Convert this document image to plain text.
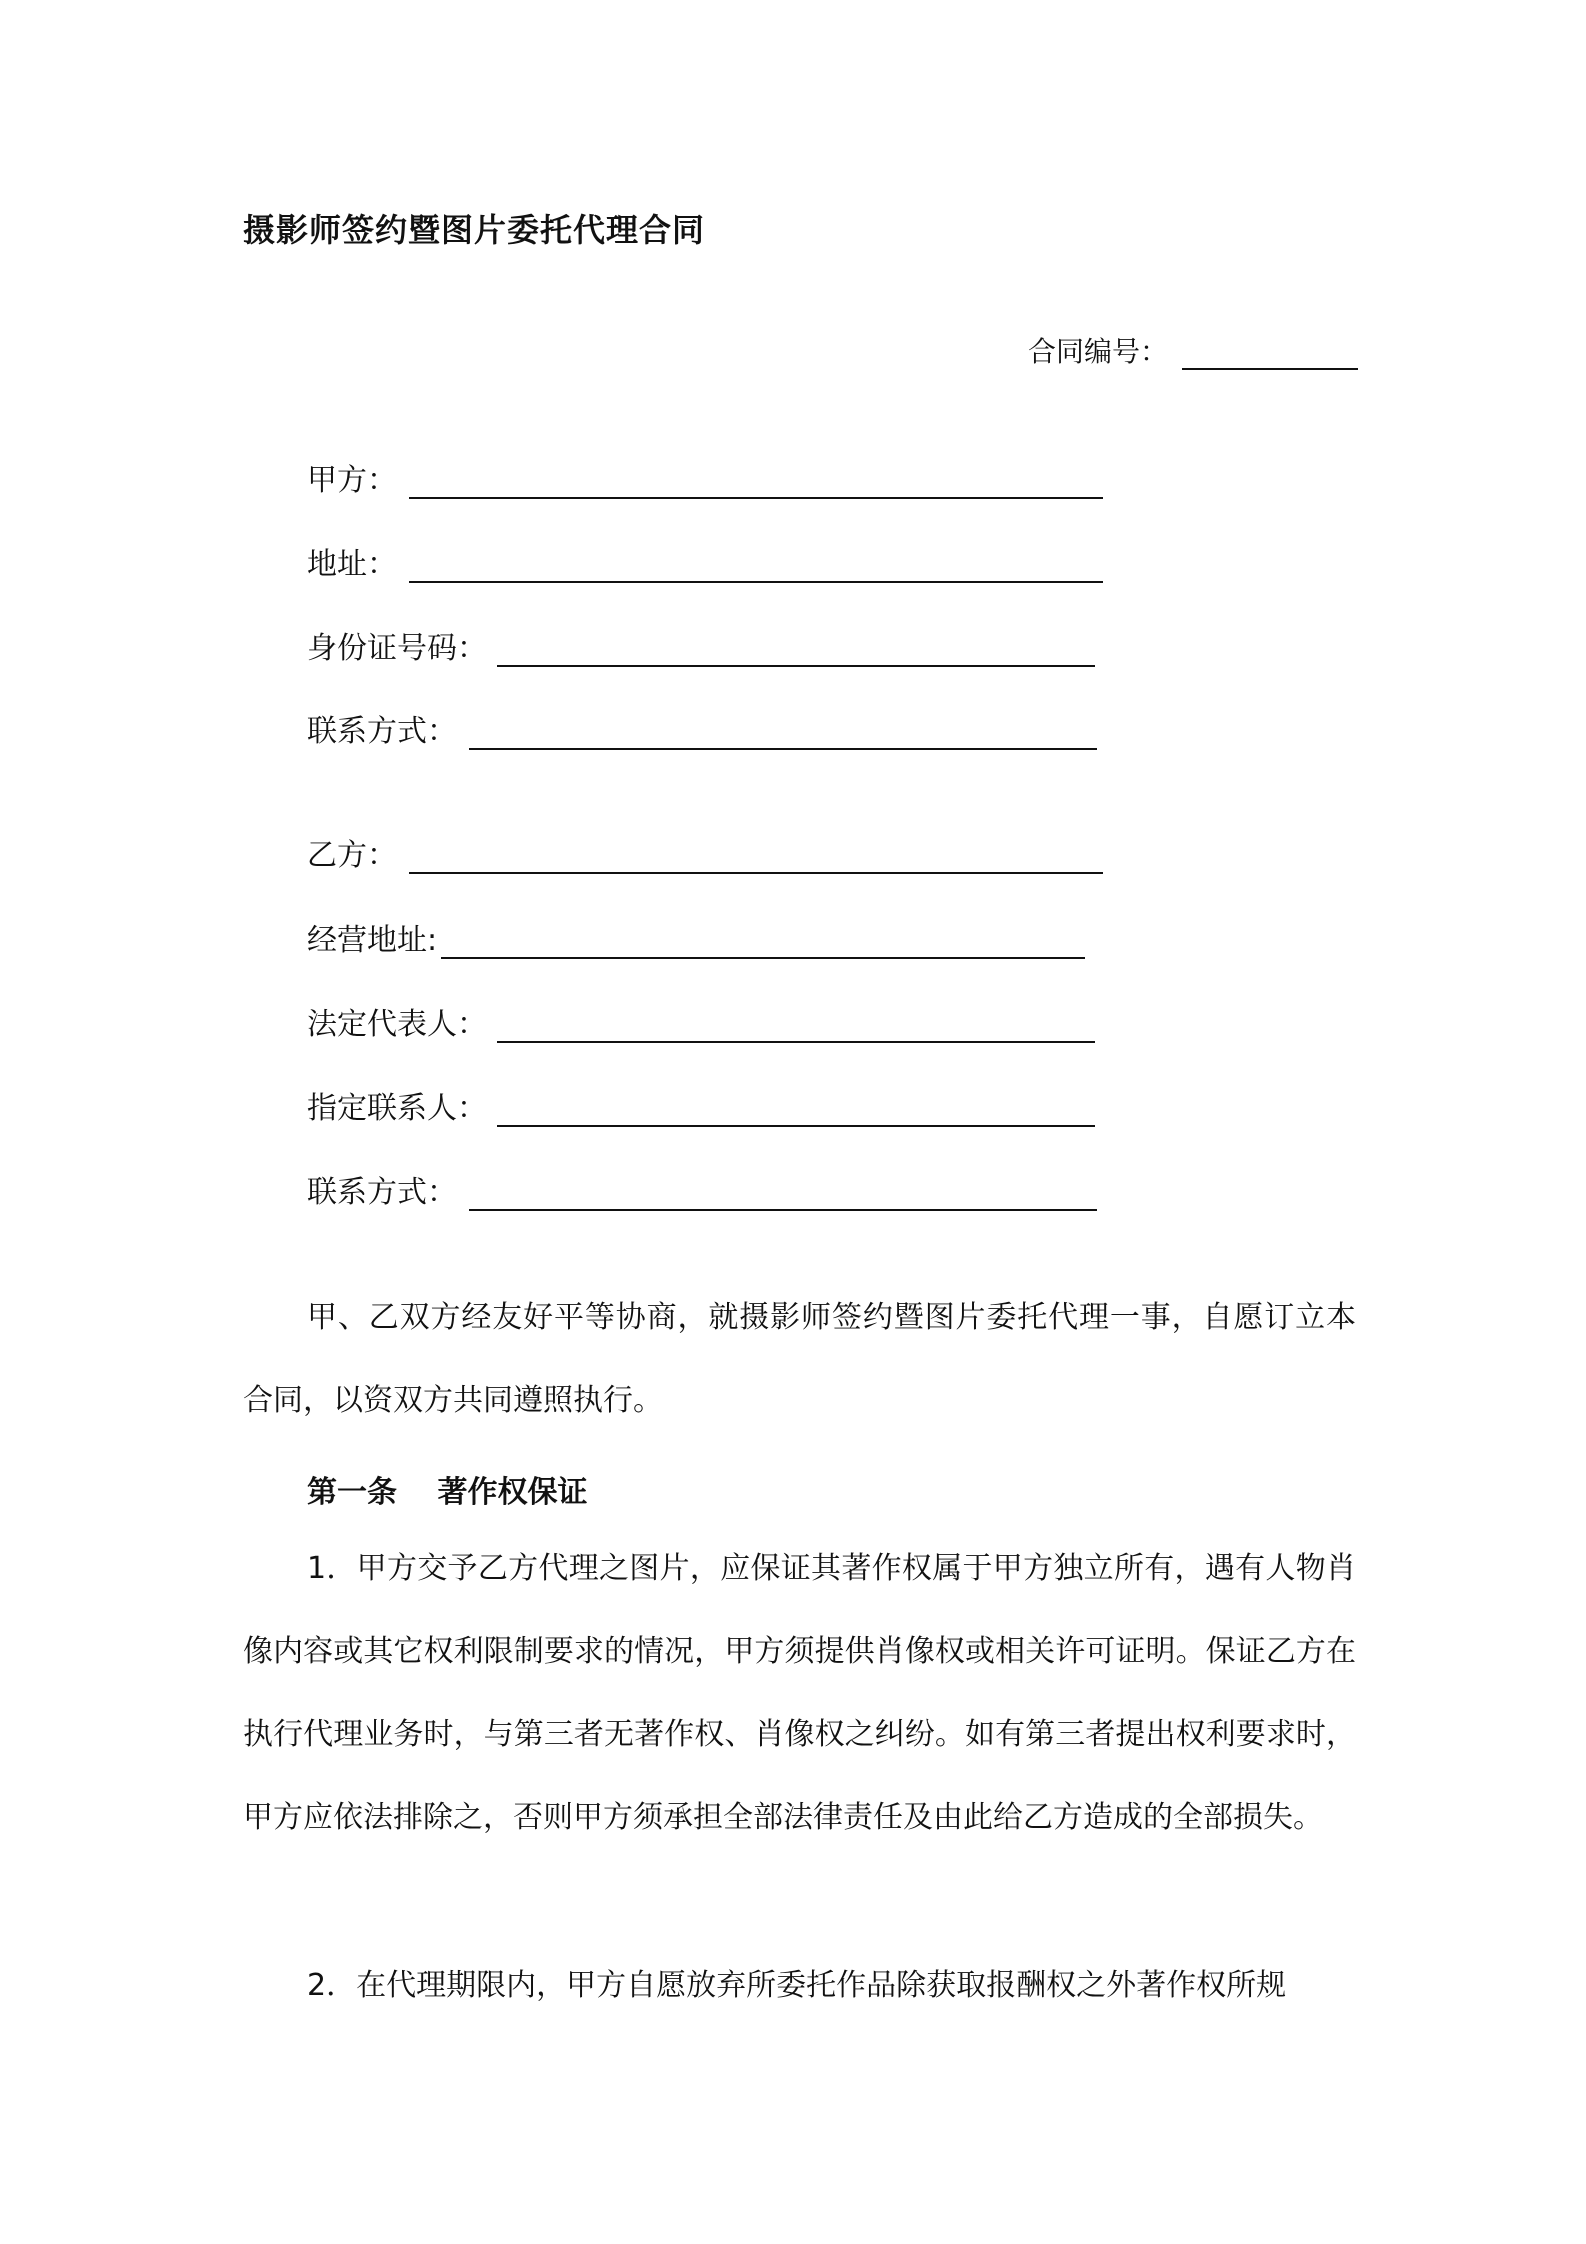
摄影师签约暨图片委托代理合同
合同编号：
甲方：
地址：
身份证号码：
联系方式：
乙方：
经营地址:
法定代表人：
指定联系人：
联系方式：
甲、乙双方经友好平等协商，就摄影师签约暨图片委托代理一事，自愿订立本合同，以资双方共同遵照执行。
第一条　 著作权保证
1．甲方交予乙方代理之图片，应保证其著作权属于甲方独立所有，遇有人物肖像内容或其它权利限制要求的情况，甲方须提供肖像权或相关许可证明。保证乙方在执行代理业务时，与第三者无著作权、肖像权之纠纷。如有第三者提出权利要求时，甲方应依法排除之，否则甲方须承担全部法律责任及由此给乙方造成的全部损失。
2．在代理期限内，甲方自愿放弃所委托作品除获取报酬权之外著作权所规
